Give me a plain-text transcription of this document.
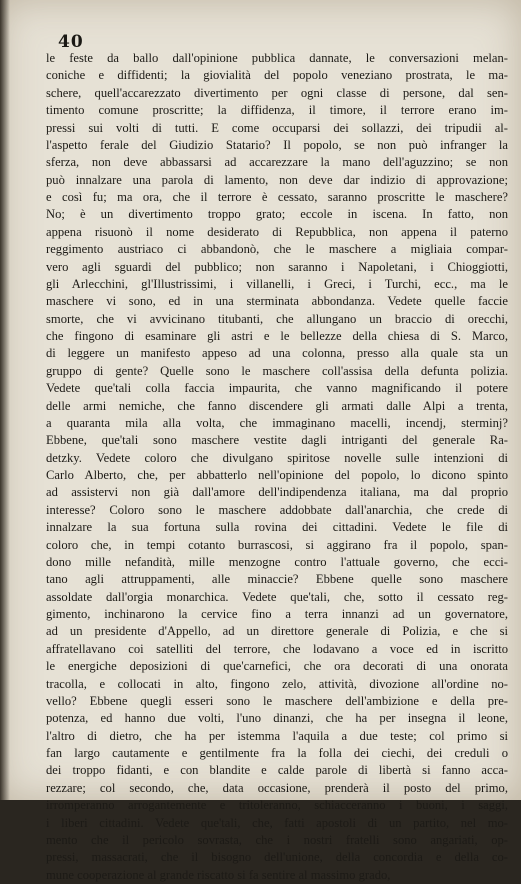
40
le feste da ballo dall'opinione pubblica dannate, le conversazioni melan-
coniche e diffidenti; la giovialità del popolo veneziano prostrata, le ma-
schere, quell'accarezzato divertimento per ogni classe di persone, dal sen-
timento comune proscritte; la diffidenza, il timore, il terrore erano im-
pressi sui volti di tutti. E come occuparsi dei sollazzi, dei tripudii al-
l'aspetto ferale del Giudizio Statario? Il popolo, se non può infranger la
sferza, non deve abbassarsi ad accarezzare la mano dell'aguzzino; se non
può innalzare una parola di lamento, non deve dar indizio di approvazione;
e così fu; ma ora, che il terrore è cessato, saranno proscritte le maschere?
No; è un divertimento troppo grato; eccole in iscena. In fatto, non
appena risuonò il nome desiderato di Repubblica, non appena il paterno
reggimento austriaco ci abbandonò, che le maschere a migliaia compar-
vero agli sguardi del pubblico; non saranno i Napoletani, i Chioggiotti,
gli Arlecchini, gl'Illustrissimi, i villanelli, i Greci, i Turchi, ecc., ma le
maschere vi sono, ed in una sterminata abbondanza. Vedete quelle faccie
smorte, che vi avvicinano titubanti, che allungano un braccio di orecchi,
che fingono di esaminare gli astri e le bellezze della chiesa di S. Marco,
di leggere un manifesto appeso ad una colonna, presso alla quale sta un
gruppo di gente? Quelle sono le maschere coll'assisa della defunta polizia.
Vedete que'tali colla faccia impaurita, che vanno magnificando il potere
delle armi nemiche, che fanno discendere gli armati dalle Alpi a trenta,
a quaranta mila alla volta, che immaginano macelli, incendj, sterminj?
Ebbene, que'tali sono maschere vestite dagli intriganti del generale Ra-
detzky. Vedete coloro che divulgano spiritose novelle sulle intenzioni di
Carlo Alberto, che, per abbatterlo nell'opinione del popolo, lo dicono spinto
ad assistervi non già dall'amore dell'indipendenza italiana, ma dal proprio
interesse? Coloro sono le maschere addobbate dall'anarchia, che crede di
innalzare la sua fortuna sulla rovina dei cittadini. Vedete le file di
coloro che, in tempi cotanto burrascosi, si aggirano fra il popolo, span-
dono mille nefandità, mille menzogne contro l'attuale governo, che ecci-
tano agli attruppamenti, alle minaccie? Ebbene quelle sono maschere
assoldate dall'orgia monarchica. Vedete que'tali, che, sotto il cessato reg-
gimento, inchinarono la cervice fino a terra innanzi ad un governatore,
ad un presidente d'Appello, ad un direttore generale di Polizia, e che si
affratellavano coi satelliti del terrore, che lodavano a voce ed in iscritto
le energiche deposizioni di que'carnefici, che ora decorati di una onorata
tracolla, e collocati in alto, fingono zelo, attività, divozione all'ordine no-
vello? Ebbene quegli esseri sono le maschere dell'ambizione e della pre-
potenza, ed hanno due volti, l'uno dinanzi, che ha per insegna il leone,
l'altro di dietro, che ha per istemma l'aquila a due teste; col primo si
fan largo cautamente e gentilmente fra la folla dei ciechi, dei creduli o
dei troppo fidanti, e con blandite e calde parole di libertà si fanno acca-
rezzare; col secondo, che, data occasione, prenderà il posto del primo,
irromperanno arrogantemente e tritoleranno, schiacceranno i buoni, i saggi,
i liberi cittadini. Vedete que'tali, che, fatti apostoli di un partito, nel mo-
mento che il pericolo sovrasta, che i nostri fratelli sono angariati, op-
pressi, massacrati, che il bisogno dell'unione, della concordia e della co-
mune cooperazione al grande riscatto si fa sentire al massimo grado,
